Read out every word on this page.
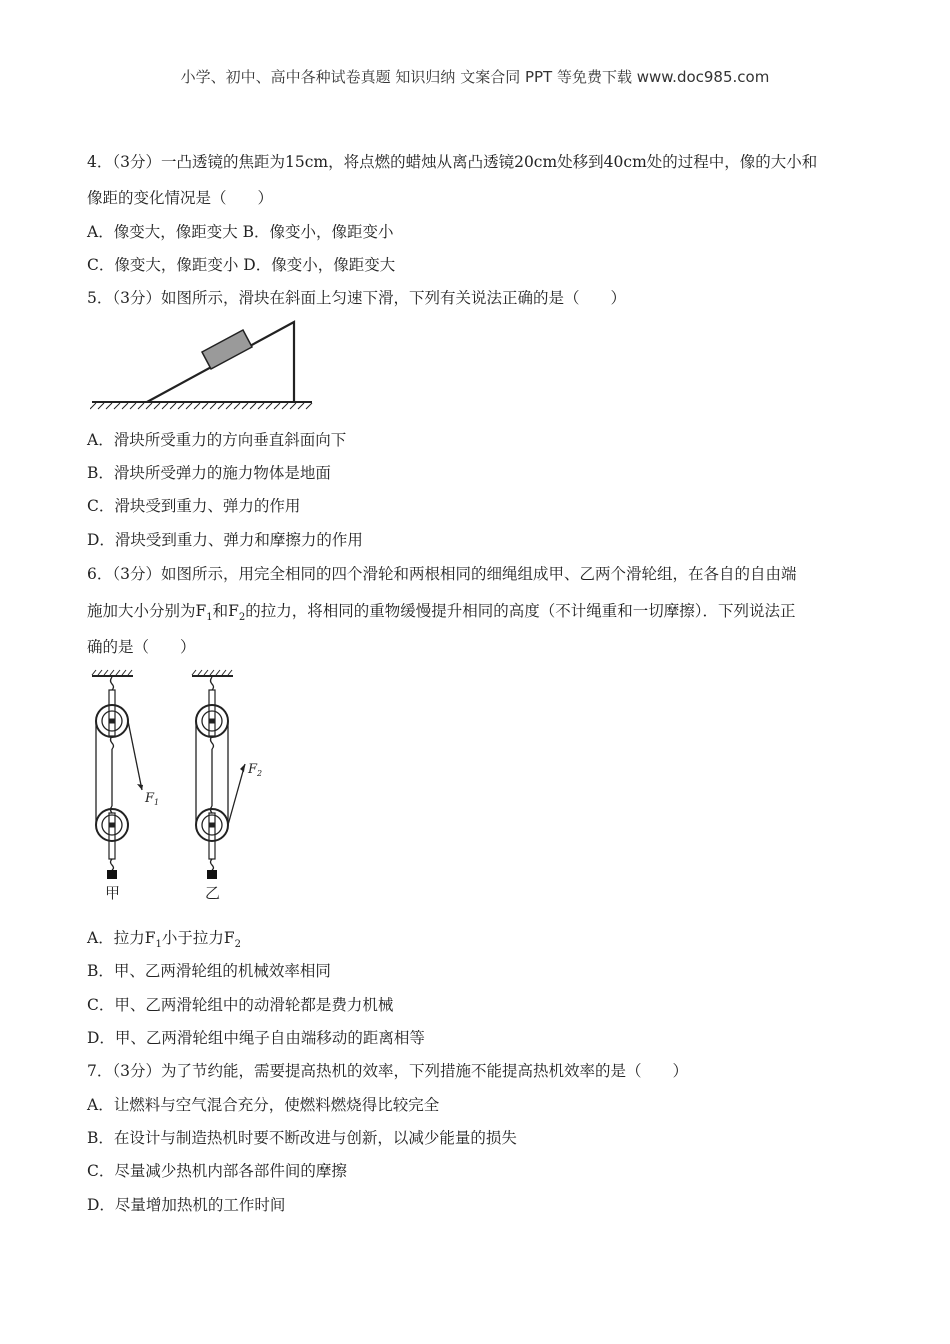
小学、初中、高中各种试卷真题 知识归纳 文案合同 PPT 等免费下载 www.doc985.com
4．（3分）一凸透镜的焦距为15cm，将点燃的蜡烛从离凸透镜20cm处移到40cm处的过程中，像的大小和
像距的变化情况是（　　）
A．像变大，像距变大 B．像变小，像距变小
C．像变大，像距变小 D．像变小，像距变大
5．（3分）如图所示，滑块在斜面上匀速下滑，下列有关说法正确的是（　　）
A．滑块所受重力的方向垂直斜面向下
B．滑块所受弹力的施力物体是地面
C．滑块受到重力、弹力的作用
D．滑块受到重力、弹力和摩擦力的作用
6．（3分）如图所示，用完全相同的四个滑轮和两根相同的细绳组成甲、乙两个滑轮组，在各自的自由端
施加大小分别为$F_1$和$F_2$的拉力，将相同的重物缓慢提升相同的高度（不计绳重和一切摩擦）．下列说法正
确的是（　　）
$F_1$
甲
$F_2$
乙
A．拉力$F_1$小于拉力$F_2$
B．甲、乙两滑轮组的机械效率相同
C．甲、乙两滑轮组中的动滑轮都是费力机械
D．甲、乙两滑轮组中绳子自由端移动的距离相等
7．（3分）为了节约能，需要提高热机的效率，下列措施不能提高热机效率的是（　　）
A．让燃料与空气混合充分，使燃料燃烧得比较完全
B．在设计与制造热机时要不断改进与创新，以减少能量的损失
C．尽量减少热机内部各部件间的摩擦
D．尽量增加热机的工作时间
